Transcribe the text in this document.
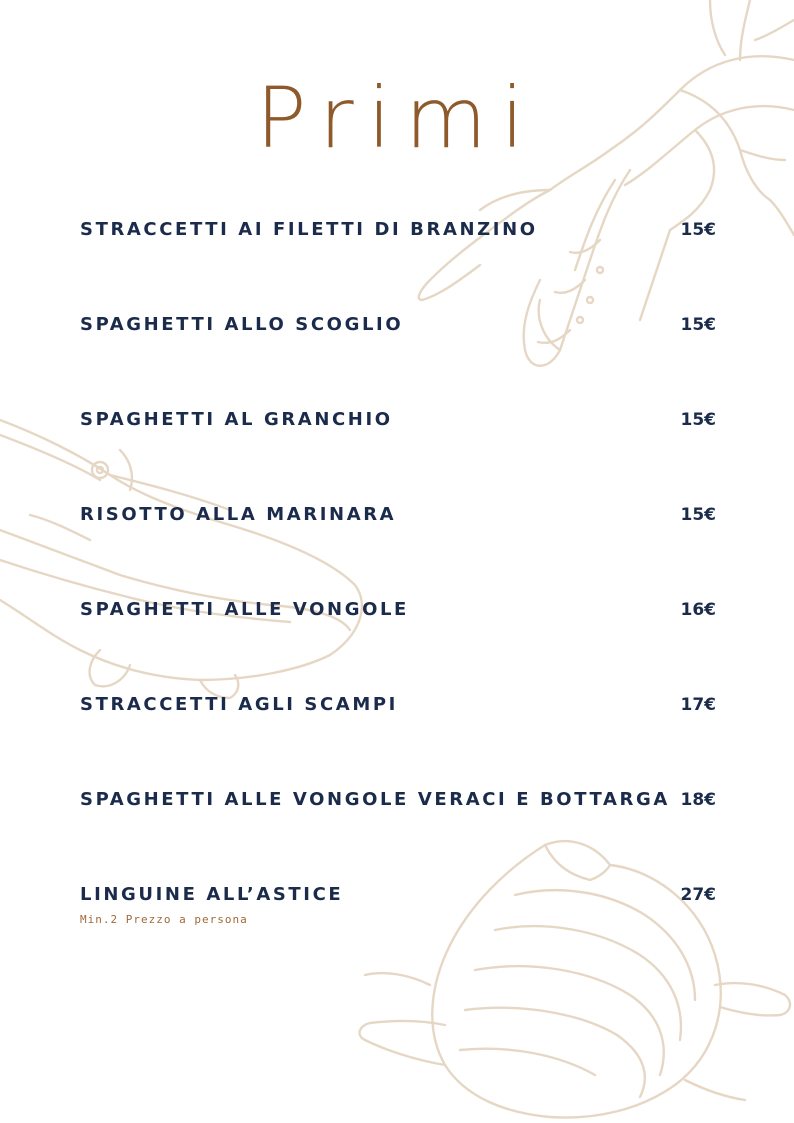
Primi
STRACCETTI AI FILETTI DI BRANZINO	15€
SPAGHETTI ALLO SCOGLIO	15€
SPAGHETTI AL GRANCHIO	15€
RISOTTO ALLA MARINARA	15€
SPAGHETTI ALLE VONGOLE	16€
STRACCETTI AGLI SCAMPI	17€
SPAGHETTI ALLE VONGOLE VERACI E BOTTARGA 18€
LINGUINE ALL’ASTICE	27€
Min.2 Prezzo a persona
